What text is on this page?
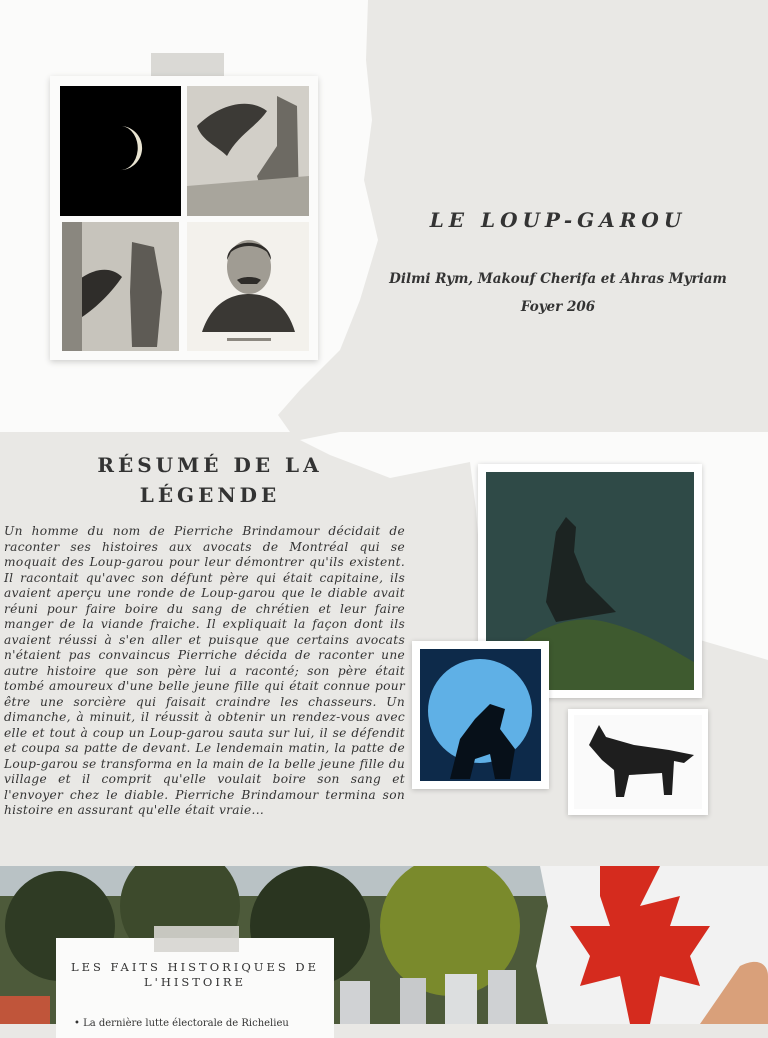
LE LOUP-GAROU

Dilmi Rym, Makouf Cherifa et Ahras Myriam

Foyer 206

RÉSUMÉ DE LA LÉGENDE

Un homme du nom de Pierriche Brindamour décidait de raconter ses histoires aux avocats de Montréal qui se moquait des Loup-garou pour leur démontrer qu'ils existent. Il racontait qu'avec son défunt père qui était capitaine, ils avaient aperçu une ronde de Loup-garou que le diable avait réuni pour faire boire du sang de chrétien et leur faire manger de la viande fraiche. Il expliquait la façon dont ils avaient réussi à s'en aller et puisque que certains avocats n'étaient pas convaincus Pierriche décida de raconter une autre histoire que son père lui a raconté; son père était tombé amoureux d'une belle jeune fille qui était connue pour être une sorcière qui faisait craindre les chasseurs. Un dimanche, à minuit, il réussit à obtenir un rendez-vous avec elle et tout à coup un Loup-garou sauta sur lui, il se défendit et coupa sa patte de devant. Le lendemain matin, la patte de Loup-garou se transforma en la main de la belle jeune fille du village et il comprit qu'elle voulait boire son sang et l'envoyer chez le diable. Pierriche Brindamour termina son histoire en assurant qu'elle était vraie...

LES FAITS HISTORIQUES DE L'HISTOIRE
• La dernière lutte électorale de Richelieu
